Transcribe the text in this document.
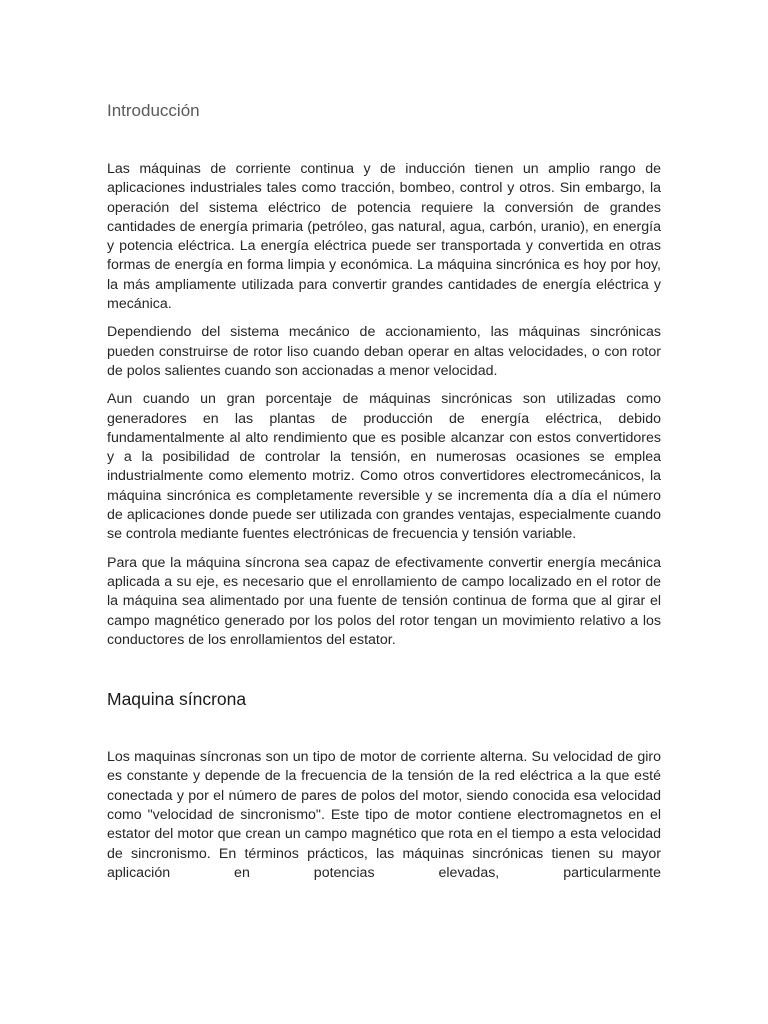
Introducción

Las máquinas de corriente continua y de inducción tienen un amplio rango de aplicaciones industriales tales como tracción, bombeo, control y otros. Sin embargo, la operación del sistema eléctrico de potencia requiere la conversión de grandes cantidades de energía primaria (petróleo, gas natural, agua, carbón, uranio), en energía y potencia eléctrica. La energía eléctrica puede ser transportada y convertida en otras formas de energía en forma limpia y económica. La máquina sincrónica es hoy por hoy, la más ampliamente utilizada para convertir grandes cantidades de energía eléctrica y mecánica.

Dependiendo del sistema mecánico de accionamiento, las máquinas sincrónicas pueden construirse de rotor liso cuando deban operar en altas velocidades, o con rotor de polos salientes cuando son accionadas a menor velocidad.

Aun cuando un gran porcentaje de máquinas sincrónicas son utilizadas como generadores en las plantas de producción de energía eléctrica, debido fundamentalmente al alto rendimiento que es posible alcanzar con estos convertidores y a la posibilidad de controlar la tensión, en numerosas ocasiones se emplea industrialmente como elemento motriz. Como otros convertidores electromecánicos, la máquina sincrónica es completamente reversible y se incrementa día a día el número de aplicaciones donde puede ser utilizada con grandes ventajas, especialmente cuando se controla mediante fuentes electrónicas de frecuencia y tensión variable.

Para que la máquina síncrona sea capaz de efectivamente convertir energía mecánica aplicada a su eje, es necesario que el enrollamiento de campo localizado en el rotor de la máquina sea alimentado por una fuente de tensión continua de forma que al girar el campo magnético generado por los polos del rotor tengan un movimiento relativo a los conductores de los enrollamientos del estator.

Maquina síncrona

Los maquinas síncronas son un tipo de motor de corriente alterna. Su velocidad de giro es constante y depende de la frecuencia de la tensión de la red eléctrica a la que esté conectada y por el número de pares de polos del motor, siendo conocida esa velocidad como "velocidad de sincronismo". Este tipo de motor contiene electromagnetos en el estator del motor que crean un campo magnético que rota en el tiempo a esta velocidad de sincronismo. En términos prácticos, las máquinas sincrónicas tienen su mayor aplicación en potencias elevadas, particularmente
